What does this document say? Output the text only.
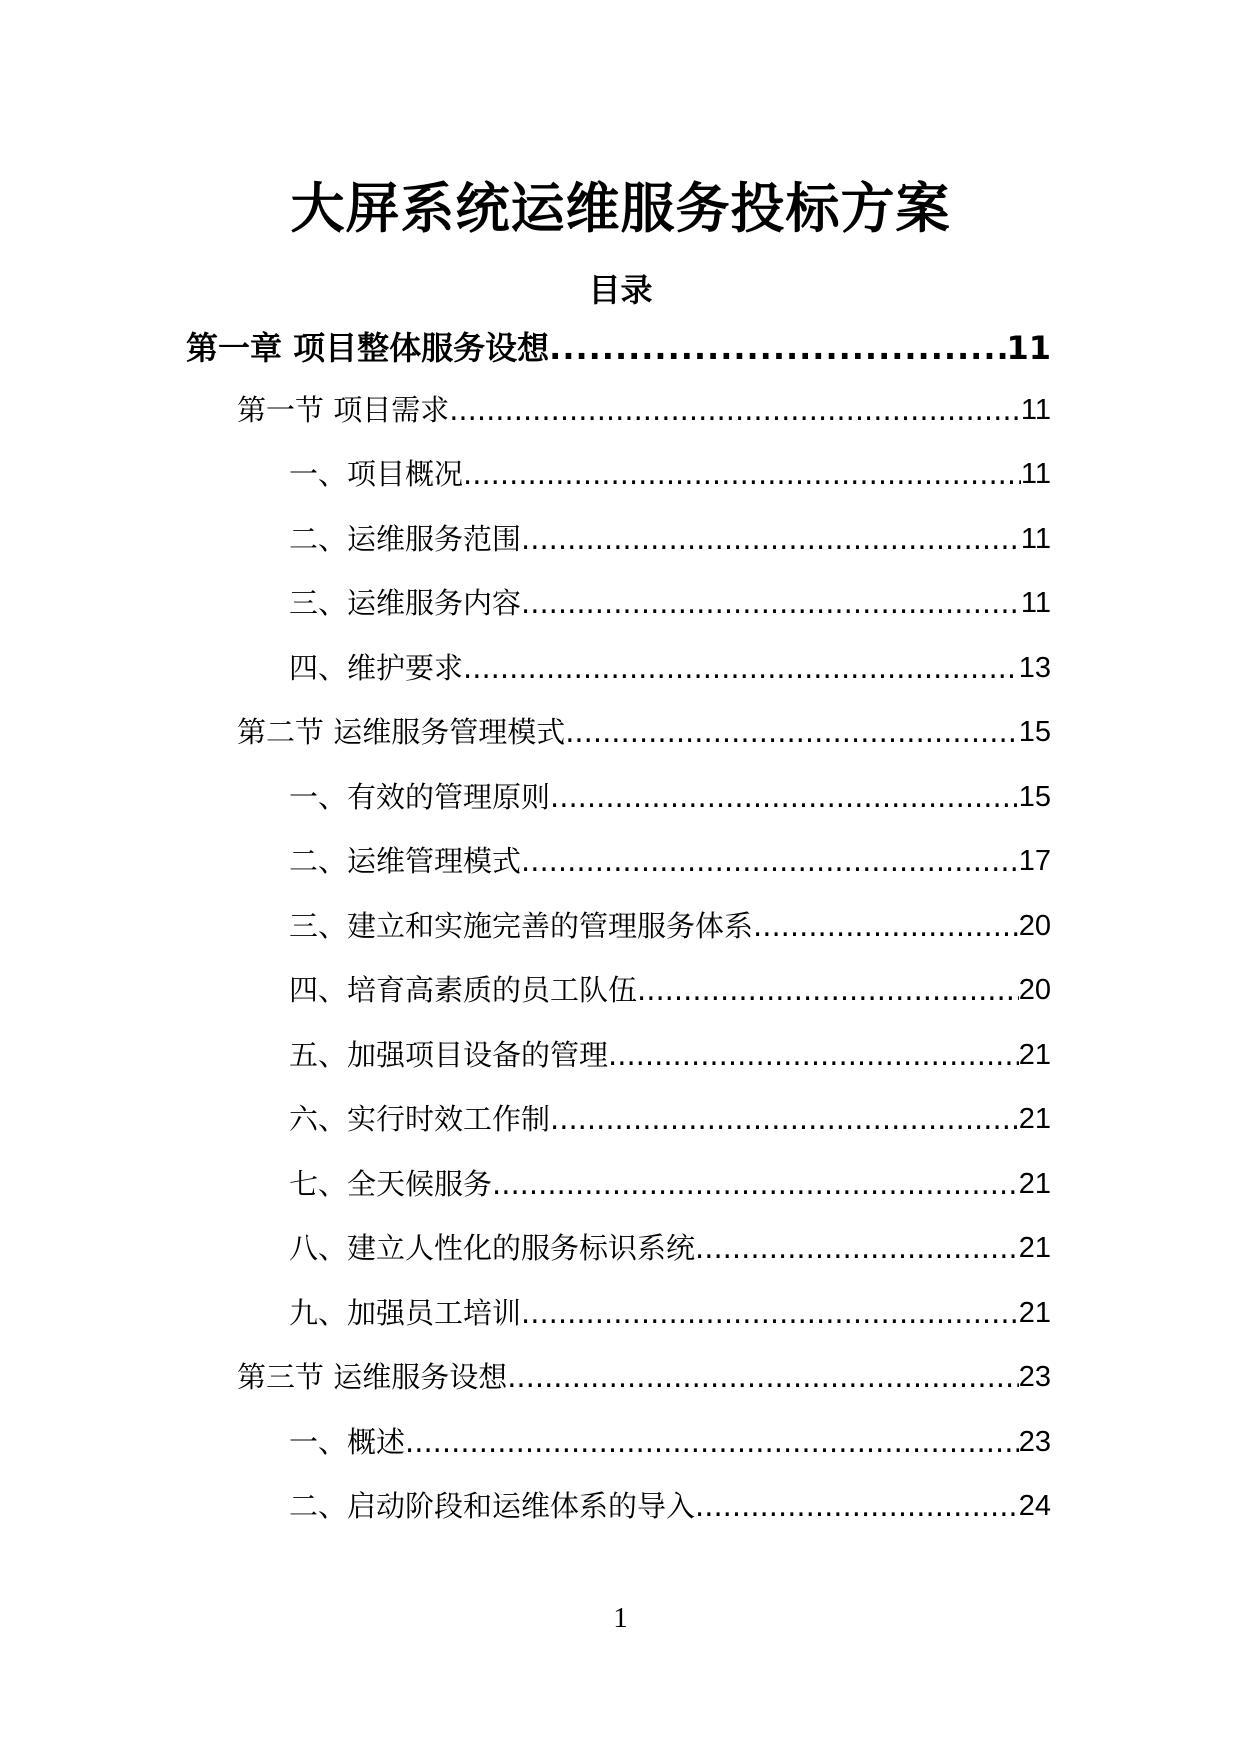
大屏系统运维服务投标方案
目录
第一章 项目整体服务设想 .....	11
第一节 项目需求 .....	11
一、项目概况 .....	11
二、运维服务范围 .....	11
三、运维服务内容 .....	11
四、维护要求 .....	13
第二节 运维服务管理模式 .....	15
一、有效的管理原则 .....	15
二、运维管理模式 .....	17
三、建立和实施完善的管理服务体系 .....	20
四、培育高素质的员工队伍 .....	20
五、加强项目设备的管理 .....	21
六、实行时效工作制 .....	21
七、全天候服务 .....	21
八、建立人性化的服务标识系统 .....	21
九、加强员工培训 .....	21
第三节 运维服务设想 .....	23
一、概述 .....	23
二、启动阶段和运维体系的导入 .....	24
1
